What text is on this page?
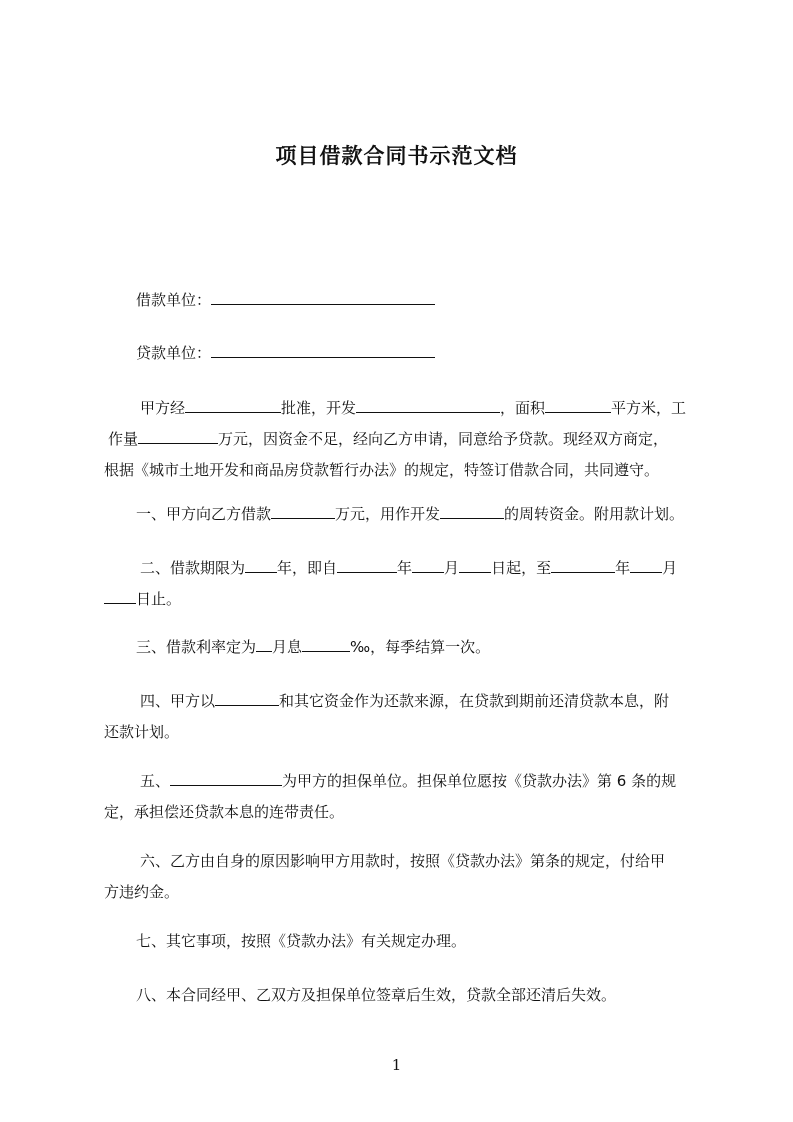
项目借款合同书示范文档
借款单位：
贷款单位：
甲方经	批准，开发	，面积	平方米，工
作量	万元，因资金不足，经向乙方申请，同意给予贷款。现经双方商定，
根据《城市土地开发和商品房贷款暂行办法》的规定，特签订借款合同，共同遵守。
一、甲方向乙方借款	万元，用作开发	的周转资金。附用款计划。
二、借款期限为 年，即自	年 月 日起，至	年 月
日止。
三、借款利率定为 月息	‰，每季结算一次。
四、甲方以	和其它资金作为还款来源，在贷款到期前还清贷款本息，附
还款计划。
五、	为甲方的担保单位。担保单位愿按《贷款办法》第 6 条的规
定，承担偿还贷款本息的连带责任。
六、乙方由自身的原因影响甲方用款时，按照《贷款办法》第条的规定，付给甲
方违约金。
七、其它事项，按照《贷款办法》有关规定办理。
八、本合同经甲、乙双方及担保单位签章后生效，贷款全部还清后失效。
1
